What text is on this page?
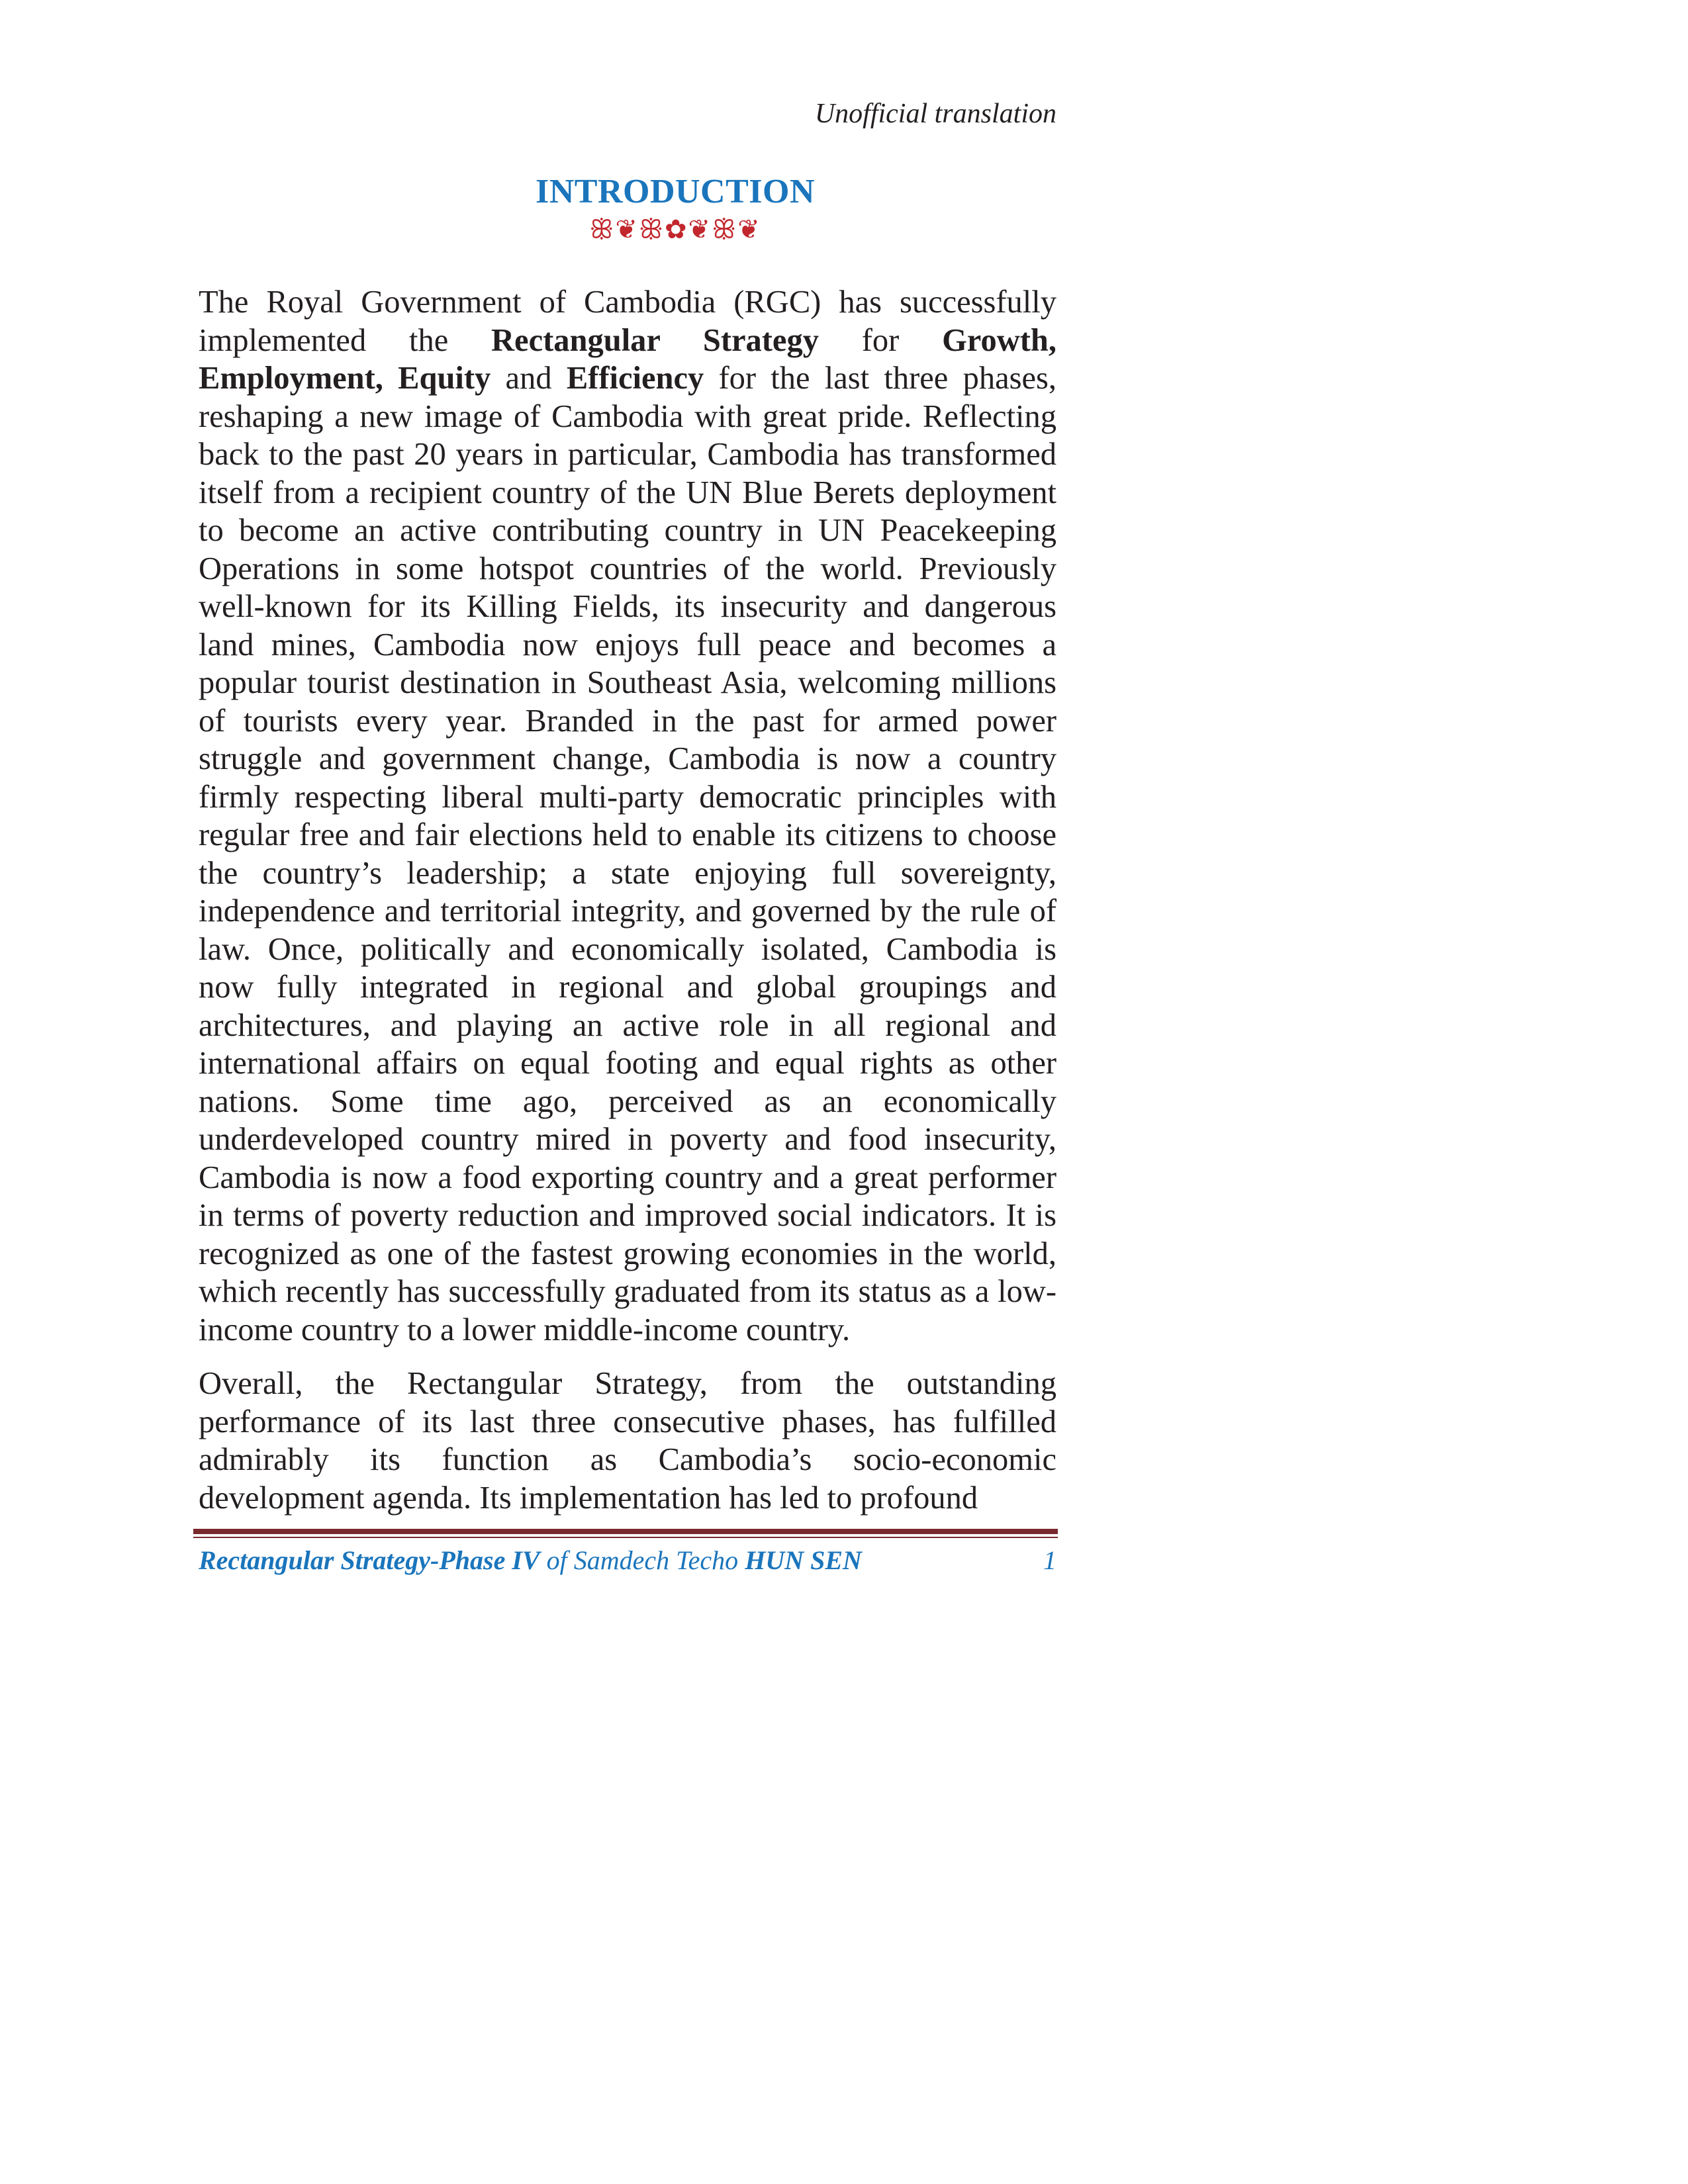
Unofficial translation
INTRODUCTION
ꕥ❦ꕥ✿❦ꕥ❦

The Royal Government of Cambodia (RGC) has successfully implemented the Rectangular Strategy for Growth, Employment, Equity and Efficiency for the last three phases, reshaping a new image of Cambodia with great pride. Reflecting back to the past 20 years in particular, Cambodia has transformed itself from a recipient country of the UN Blue Berets deployment to become an active contributing country in UN Peacekeeping Operations in some hotspot countries of the world. Previously well-known for its Killing Fields, its insecurity and dangerous land mines, Cambodia now enjoys full peace and becomes a popular tourist destination in Southeast Asia, welcoming millions of tourists every year. Branded in the past for armed power struggle and government change, Cambodia is now a country firmly respecting liberal multi-party democratic principles with regular free and fair elections held to enable its citizens to choose the country’s leadership; a state enjoying full sovereignty, independence and territorial integrity, and governed by the rule of law. Once, politically and economically isolated, Cambodia is now fully integrated in regional and global groupings and architectures, and playing an active role in all regional and international affairs on equal footing and equal rights as other nations. Some time ago, perceived as an economically underdeveloped country mired in poverty and food insecurity, Cambodia is now a food exporting country and a great performer in terms of poverty reduction and improved social indicators. It is recognized as one of the fastest growing economies in the world, which recently has successfully graduated from its status as a low-income country to a lower middle-income country.

Overall, the Rectangular Strategy, from the outstanding performance of its last three consecutive phases, has fulfilled admirably its function as Cambodia’s socio-economic development agenda. Its implementation has led to profound

Rectangular Strategy-Phase IV of Samdech Techo HUN SEN	1
